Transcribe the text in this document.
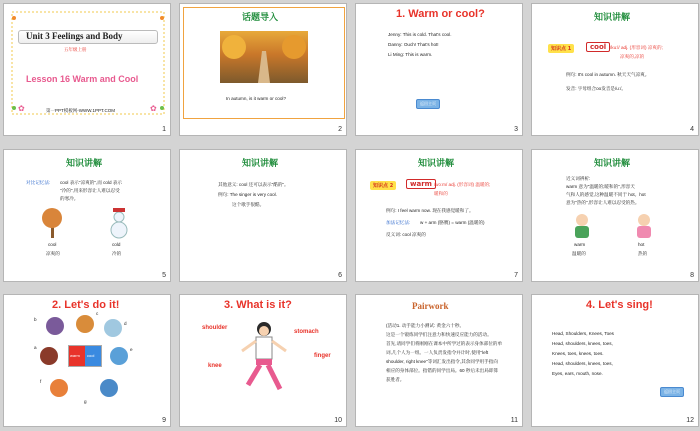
Unit 3 Feelings and Body
五年级上册
Lesson 16 Warm and Cool
第一PPT模板网-WWW.1PPT.COM
✿	✿
1
话题导入
In autumn, is it warm or cool?
2
1. Warm or cool?
Jenny: This is cold. That's cool.
Danny: Ouch! That's hot!
Li Ming: This is warm.
返回主页
3
知识讲解
知识点 1	cool /kuːl/ adj. (形容词) 凉爽的;
凉爽的,凉的
例句: It's cool in autumn. 秋天天气凉爽。
发音: 字母组合oo发音是/uː/。
4
知识讲解
对比记忆法: cool 表示"凉爽的",而 cold 表示
"冷的",用来形容让人难以忍受
的寒冷。
cool
凉爽的
cold
冷的
5
知识讲解
其他意义: cool 还可以表示"酷的"。
例句: The singer is very cool.
这个歌手很酷。
6
知识讲解
知识点 2	warm /wɔːm/ adj. (形容词) 温暖的;
暖和的
例句: I feel warm now. 现在我感觉暖和了。
加法记忆法: w + arm (胳膊) = warm (温暖的)
反义词: cool 凉爽的
7
知识讲解
近义词辨析:
warm 意为"温暖的;暖和的",形容天
气和人的感觉,这种温暖不同于 hot。hot
意为"热的",形容让人难以忍受的热。
warm
温暖的
hot
热的
8
2. Let's do it!
warm cool
a
b
c
d
e
f
g
9
3. What is it?
shoulder
stomach
finger
knee
10
Pairwork
(活动1. 动手能力小测试: 黄金六十秒。
这是一个锻炼同学们注意力和快速反应能力的活动。
首先,请同学们将刚刚在课本中所学过的表示身体部位的单
词,几个人为一组。一人负责发指令并计时,使用"left
shoulder, right knee"等词汇发出指令,其余同学用手指向
相应的身体部位。指错的同学出局。60 秒后未出局即算
获胜者。
11
4. Let's sing!
Head, Shoulders, Knees, Toes
Head, shoulders, knees, toes,
Knees, toes, knees, toes.
Head, shoulders, knees, toes,
Eyes, ears, mouth, nose.
返回主页
12
